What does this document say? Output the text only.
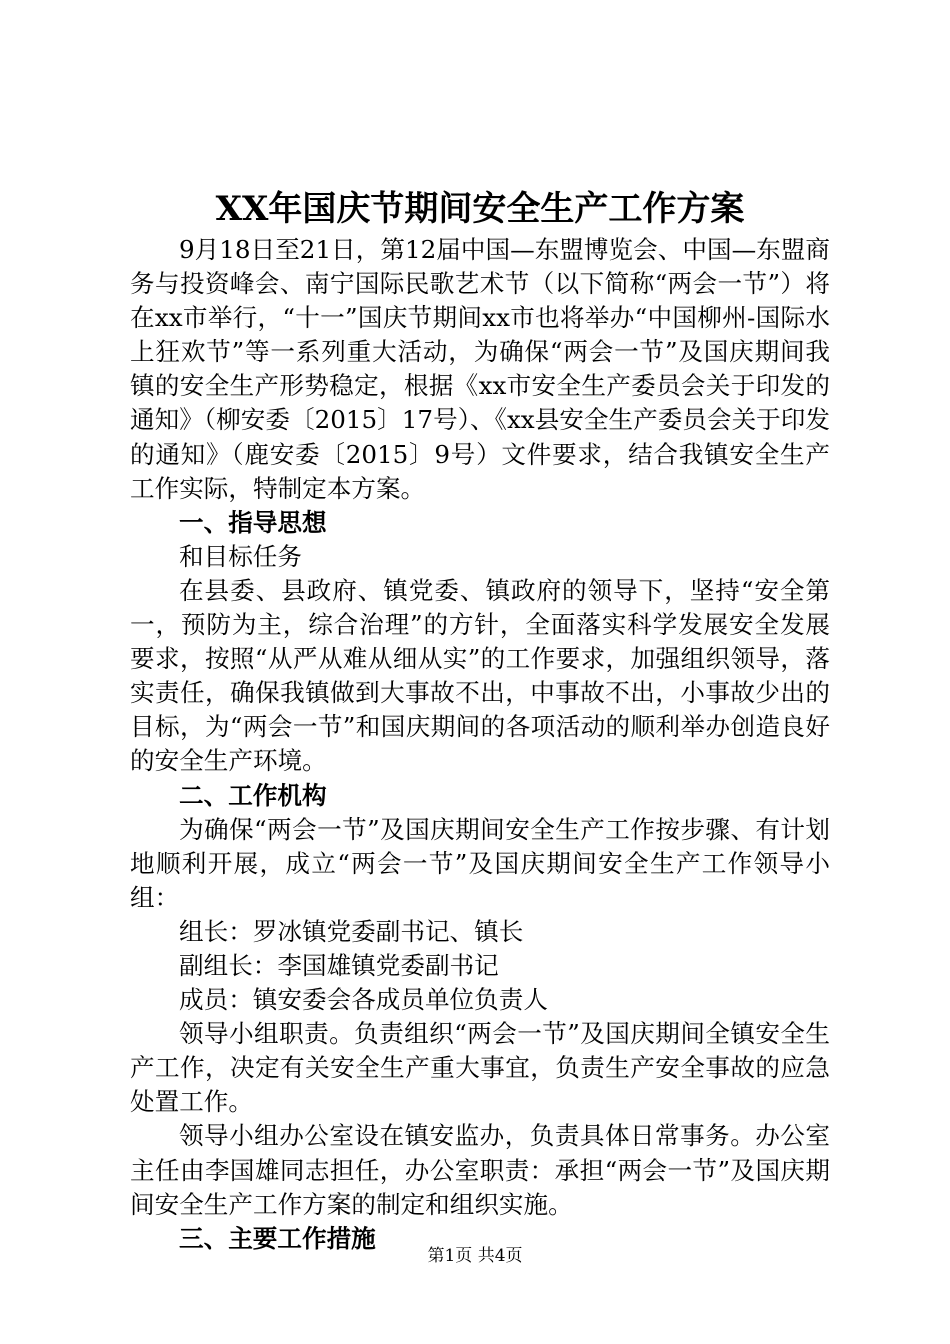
XX年国庆节期间安全生产工作方案

9月18日至21日，第12届中国—东盟博览会、中国—东盟商务与投资峰会、南宁国际民歌艺术节（以下简称“两会一节”）将在xx市举行，“十一”国庆节期间xx市也将举办“中国柳州-国际水上狂欢节”等一系列重大活动，为确保“两会一节”及国庆期间我镇的安全生产形势稳定，根据《xx市安全生产委员会关于印发的通知》（柳安委〔2015〕17号）、《xx县安全生产委员会关于印发的通知》（鹿安委〔2015〕9号）文件要求，结合我镇安全生产工作实际，特制定本方案。

一、指导思想

和目标任务

在县委、县政府、镇党委、镇政府的领导下，坚持“安全第一，预防为主，综合治理”的方针，全面落实科学发展安全发展要求，按照“从严从难从细从实”的工作要求，加强组织领导，落实责任，确保我镇做到大事故不出，中事故不出，小事故少出的目标，为“两会一节”和国庆期间的各项活动的顺利举办创造良好的安全生产环境。

二、工作机构

为确保“两会一节”及国庆期间安全生产工作按步骤、有计划地顺利开展，成立“两会一节”及国庆期间安全生产工作领导小组：

组长：罗冰镇党委副书记、镇长

副组长：李国雄镇党委副书记

成员：镇安委会各成员单位负责人

领导小组职责。负责组织“两会一节”及国庆期间全镇安全生产工作，决定有关安全生产重大事宜，负责生产安全事故的应急处置工作。

领导小组办公室设在镇安监办，负责具体日常事务。办公室主任由李国雄同志担任，办公室职责：承担“两会一节”及国庆期间安全生产工作方案的制定和组织实施。

三、主要工作措施

第1页 共4页
